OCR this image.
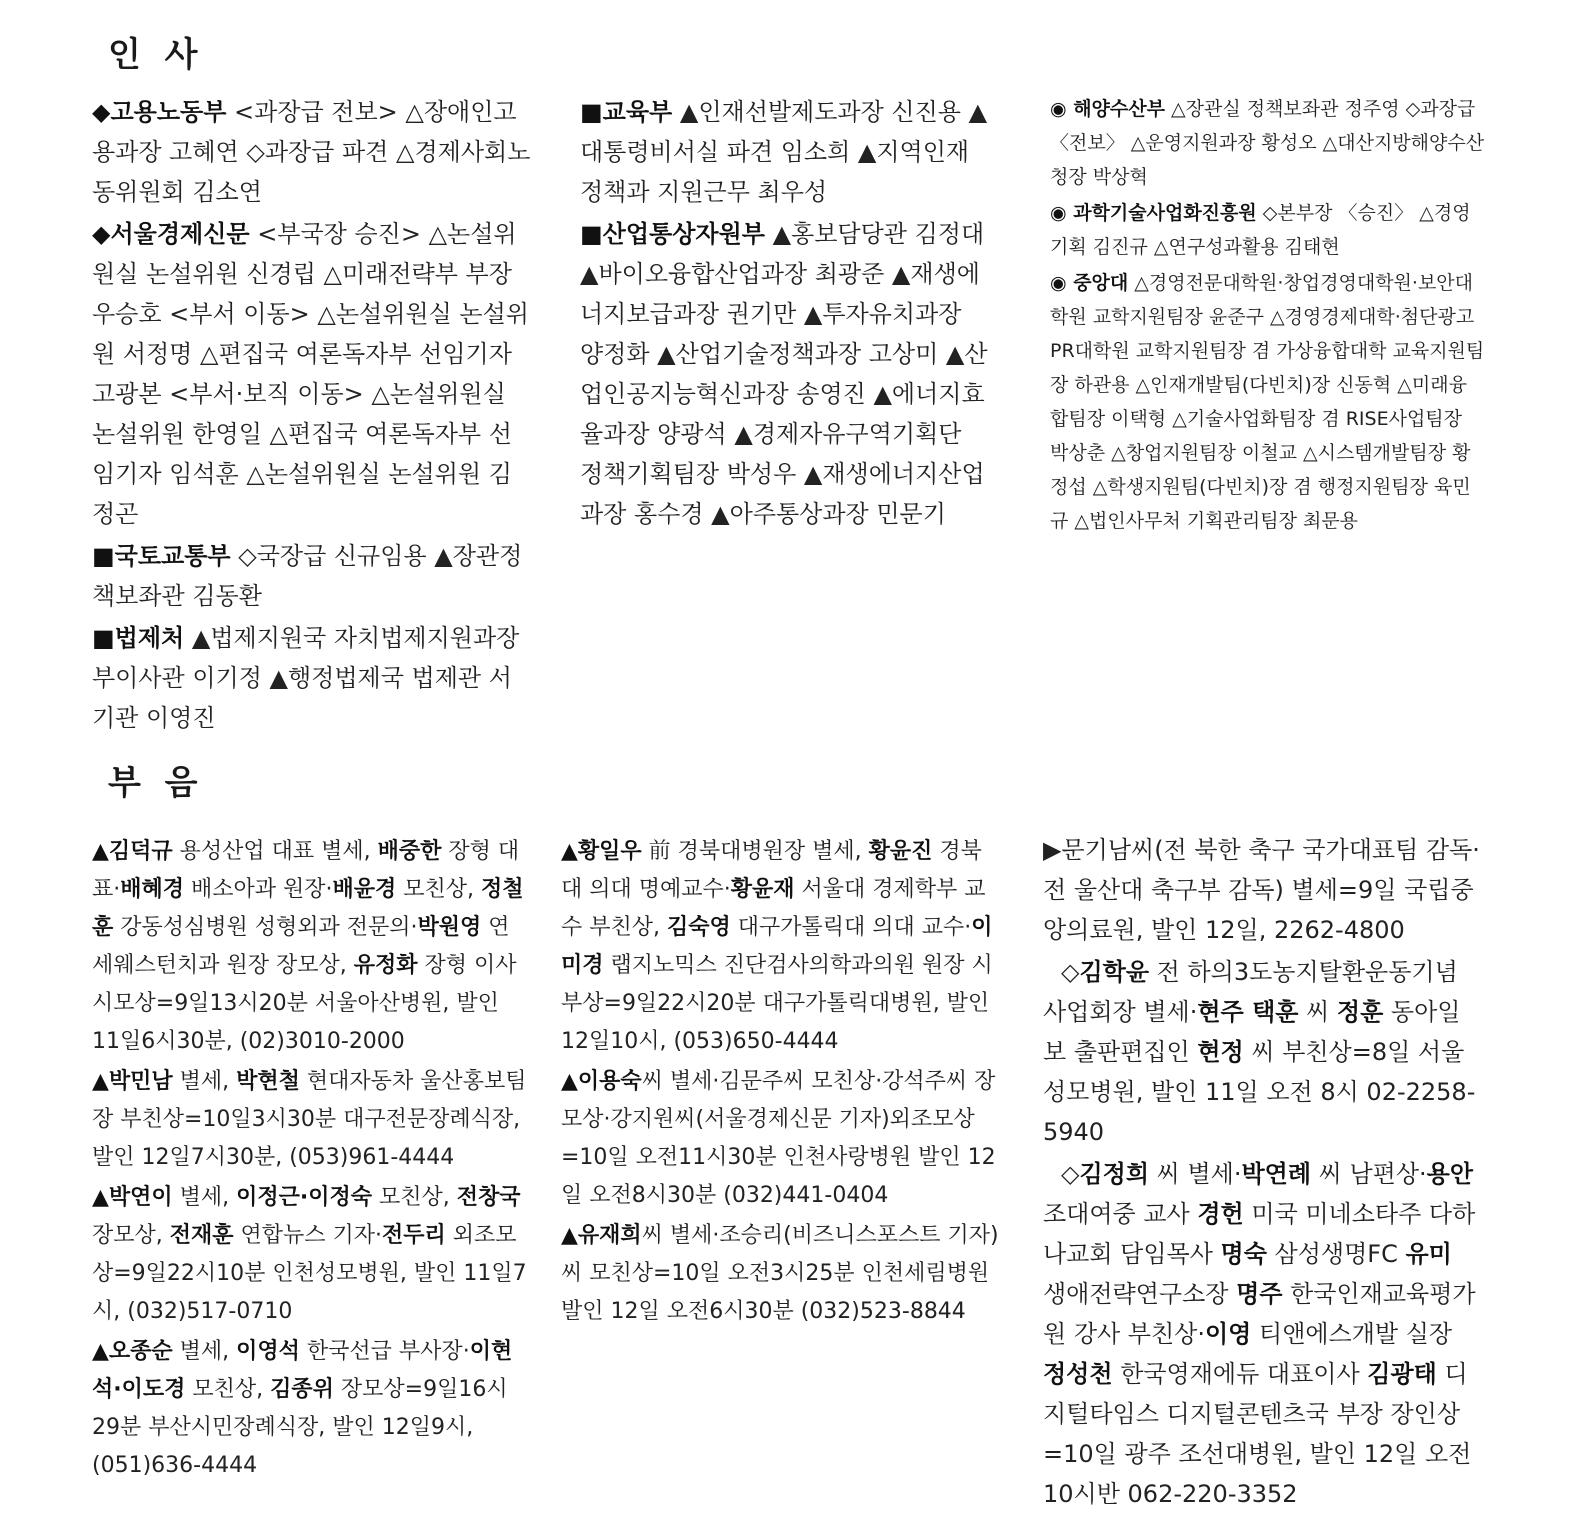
인 사

◆고용노동부 <과장급 전보> △장애인고용과장 고혜연 ◇과장급 파견 △경제사회노동위원회 김소연

◆서울경제신문 <부국장 승진> △논설위원실 논설위원 신경립 △미래전략부 부장 우승호 <부서 이동> △논설위원실 논설위원 서정명 △편집국 여론독자부 선임기자 고광본 <부서·보직 이동> △논설위원실 논설위원 한영일 △편집국 여론독자부 선임기자 임석훈 △논설위원실 논설위원 김정곤

■국토교통부 ◇국장급 신규임용 ▲장관정책보좌관 김동환

■법제처 ▲법제지원국 자치법제지원과장 부이사관 이기정 ▲행정법제국 법제관 서기관 이영진

■교육부 ▲인재선발제도과장 신진용 ▲대통령비서실 파견 임소희 ▲지역인재정책과 지원근무 최우성

■산업통상자원부 ▲홍보담당관 김정대 ▲바이오융합산업과장 최광준 ▲재생에너지보급과장 권기만 ▲투자유치과장 양정화 ▲산업기술정책과장 고상미 ▲산업인공지능혁신과장 송영진 ▲에너지효율과장 양광석 ▲경제자유구역기획단 정책기획팀장 박성우 ▲재생에너지산업과장 홍수경 ▲아주통상과장 민문기

◉ 해양수산부 △장관실 정책보좌관 정주영 ◇과장급 〈전보〉 △운영지원과장 황성오 △대산지방해양수산청장 박상혁

◉ 과학기술사업화진흥원 ◇본부장 〈승진〉 △경영기획 김진규 △연구성과활용 김태현

◉ 중앙대 △경영전문대학원·창업경영대학원·보안대학원 교학지원팀장 윤준구 △경영경제대학·첨단광고PR대학원 교학지원팀장 겸 가상융합대학 교육지원팀장 하관용 △인재개발팀(다빈치)장 신동혁 △미래융합팀장 이택형 △기술사업화팀장 겸 RISE사업팀장 박상춘 △창업지원팀장 이철교 △시스템개발팀장 황정섭 △학생지원팀(다빈치)장 겸 행정지원팀장 육민규 △법인사무처 기획관리팀장 최문용

부 음

▲김덕규 용성산업 대표 별세, 배중한 장형 대표·배혜경 배소아과 원장·배윤경 모친상, 정철훈 강동성심병원 성형외과 전문의·박원영 연세웨스턴치과 원장 장모상, 유정화 장형 이사 시모상=9일13시20분 서울아산병원, 발인 11일6시30분, (02)3010-2000

▲박민남 별세, 박현철 현대자동차 울산홍보팀장 부친상=10일3시30분 대구전문장례식장, 발인 12일7시30분, (053)961-4444

▲박연이 별세, 이정근·이정숙 모친상, 전창국 장모상, 전재훈 연합뉴스 기자·전두리 외조모상=9일22시10분 인천성모병원, 발인 11일7시, (032)517-0710

▲오종순 별세, 이영석 한국선급 부사장·이현석·이도경 모친상, 김종위 장모상=9일16시29분 부산시민장례식장, 발인 12일9시, (051)636-4444

▲황일우 前 경북대병원장 별세, 황윤진 경북대 의대 명예교수·황윤재 서울대 경제학부 교수 부친상, 김숙영 대구가톨릭대 의대 교수·이미경 랩지노믹스 진단검사의학과의원 원장 시부상=9일22시20분 대구가톨릭대병원, 발인 12일10시, (053)650-4444

▲이용숙씨 별세·김문주씨 모친상·강석주씨 장모상·강지원씨(서울경제신문 기자)외조모상=10일 오전11시30분 인천사랑병원 발인 12일 오전8시30분 (032)441-0404

▲유재희씨 별세·조승리(비즈니스포스트 기자)씨 모친상=10일 오전3시25분 인천세림병원 발인 12일 오전6시30분 (032)523-8844

▶문기남씨(전 북한 축구 국가대표팀 감독·전 울산대 축구부 감독) 별세=9일 국립중앙의료원, 발인 12일, 2262-4800

◇김학윤 전 하의3도농지탈환운동기념사업회장 별세·현주 택훈 씨 정훈 동아일보 출판편집인 현정 씨 부친상=8일 서울성모병원, 발인 11일 오전 8시 02-2258-5940

◇김정희 씨 별세·박연례 씨 남편상·용안 조대여중 교사 경헌 미국 미네소타주 다하나교회 담임목사 명숙 삼성생명FC 유미 생애전략연구소장 명주 한국인재교육평가원 강사 부친상·이영 티앤에스개발 실장 정성천 한국영재에듀 대표이사 김광태 디지털타임스 디지털콘텐츠국 부장 장인상=10일 광주 조선대병원, 발인 12일 오전 10시반 062-220-3352
